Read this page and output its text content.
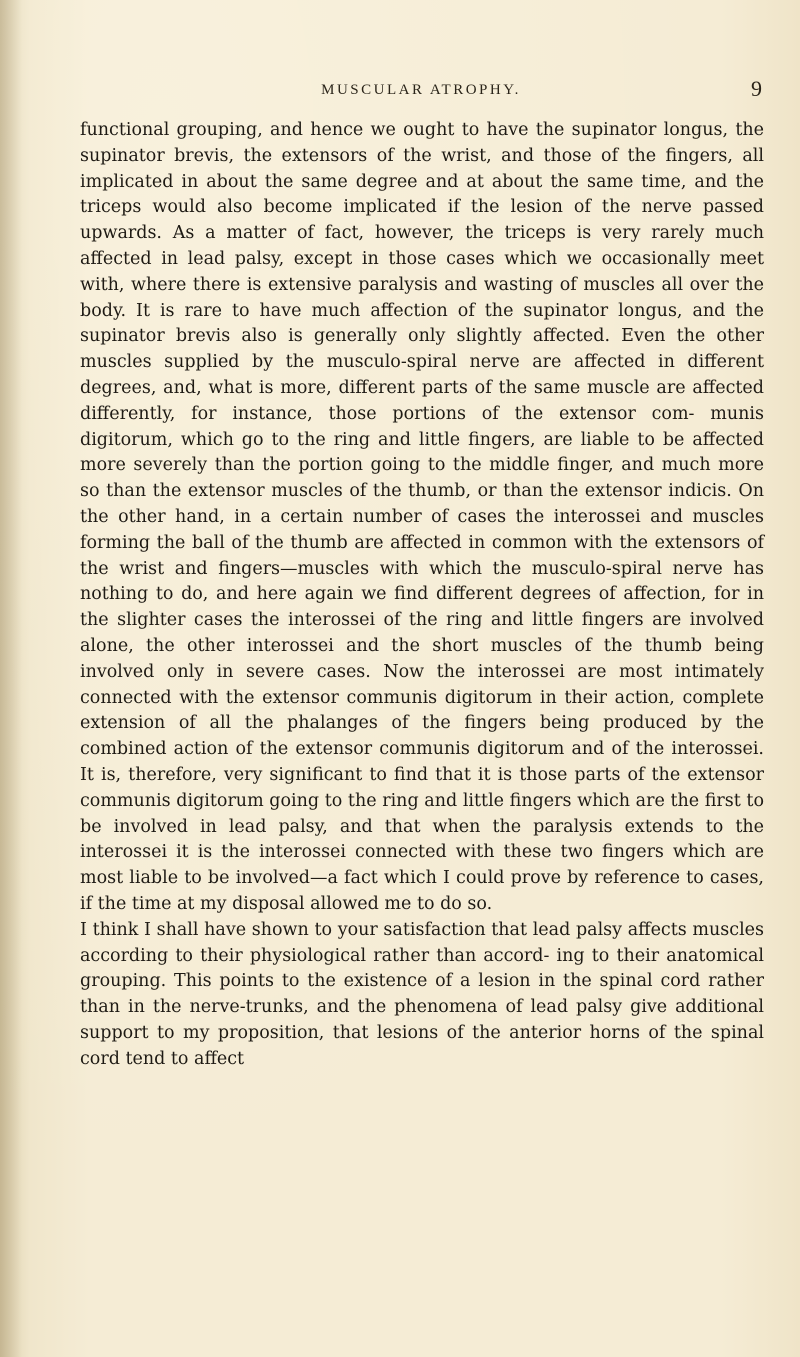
MUSCULAR ATROPHY.	9

functional grouping, and hence we ought to have the supinator longus, the supinator brevis, the extensors of the wrist, and those of the fingers, all implicated in about the same degree and at about the same time, and the triceps would also become implicated if the lesion of the nerve passed upwards. As a matter of fact, however, the triceps is very rarely much affected in lead palsy, except in those cases which we occasionally meet with, where there is extensive paralysis and wasting of muscles all over the body. It is rare to have much affection of the supinator longus, and the supinator brevis also is generally only slightly affected. Even the other muscles supplied by the musculo-spiral nerve are affected in different degrees, and, what is more, different parts of the same muscle are affected differently, for instance, those portions of the extensor com- munis digitorum, which go to the ring and little fingers, are liable to be affected more severely than the portion going to the middle finger, and much more so than the extensor muscles of the thumb, or than the extensor indicis. On the other hand, in a certain number of cases the interossei and muscles forming the ball of the thumb are affected in common with the extensors of the wrist and fingers—muscles with which the musculo-spiral nerve has nothing to do, and here again we find different degrees of affection, for in the slighter cases the interossei of the ring and little fingers are involved alone, the other interossei and the short muscles of the thumb being involved only in severe cases. Now the interossei are most intimately connected with the extensor communis digitorum in their action, complete extension of all the phalanges of the fingers being produced by the combined action of the extensor communis digitorum and of the interossei. It is, therefore, very significant to find that it is those parts of the extensor communis digitorum going to the ring and little fingers which are the first to be involved in lead palsy, and that when the paralysis extends to the interossei it is the interossei connected with these two fingers which are most liable to be involved—a fact which I could prove by reference to cases, if the time at my disposal allowed me to do so.

I think I shall have shown to your satisfaction that lead palsy affects muscles according to their physiological rather than accord- ing to their anatomical grouping. This points to the existence of a lesion in the spinal cord rather than in the nerve-trunks, and the phenomena of lead palsy give additional support to my proposition, that lesions of the anterior horns of the spinal cord tend to affect
